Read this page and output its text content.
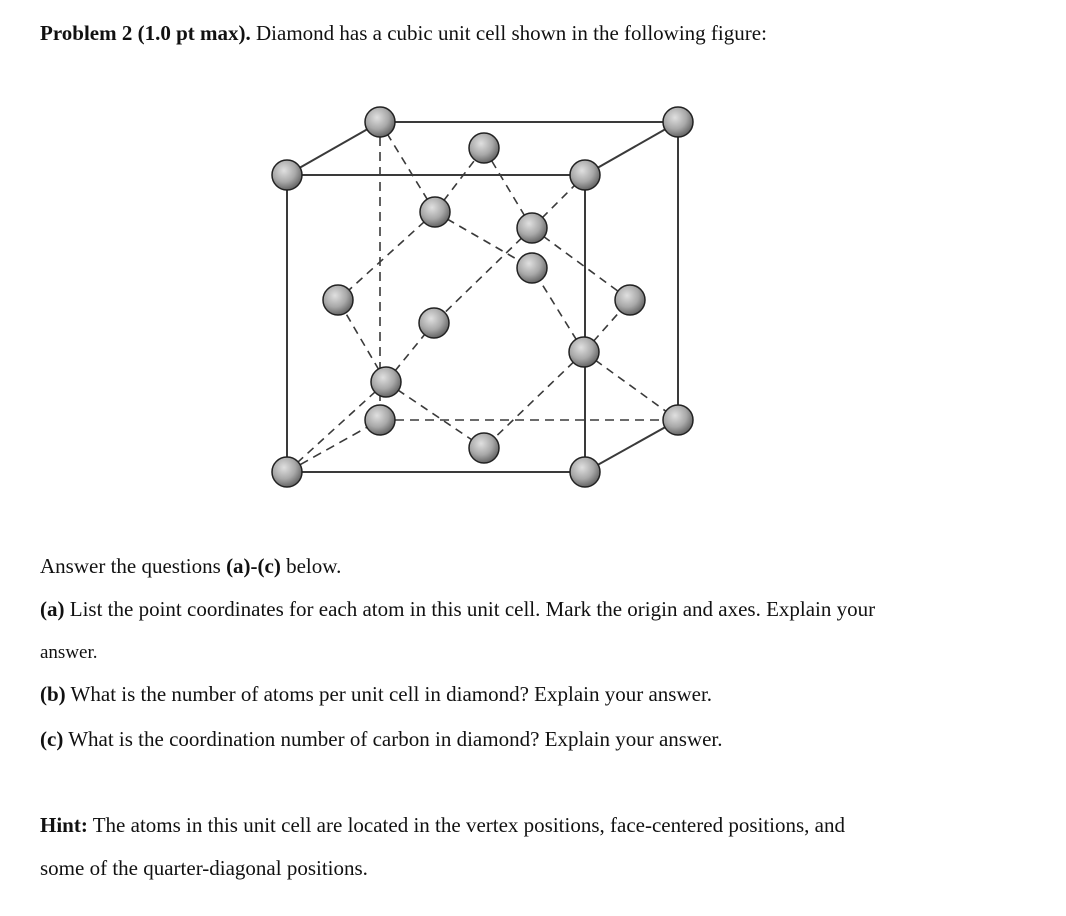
Problem 2 (1.0 pt max). Diamond has a cubic unit cell shown in the following figure:
Answer the questions (a)-(c) below.
(a) List the point coordinates for each atom in this unit cell. Mark the origin and axes. Explain your
answer.
(b) What is the number of atoms per unit cell in diamond? Explain your answer.
(c) What is the coordination number of carbon in diamond? Explain your answer.
Hint: The atoms in this unit cell are located in the vertex positions, face-centered positions, and
some of the quarter-diagonal positions.
